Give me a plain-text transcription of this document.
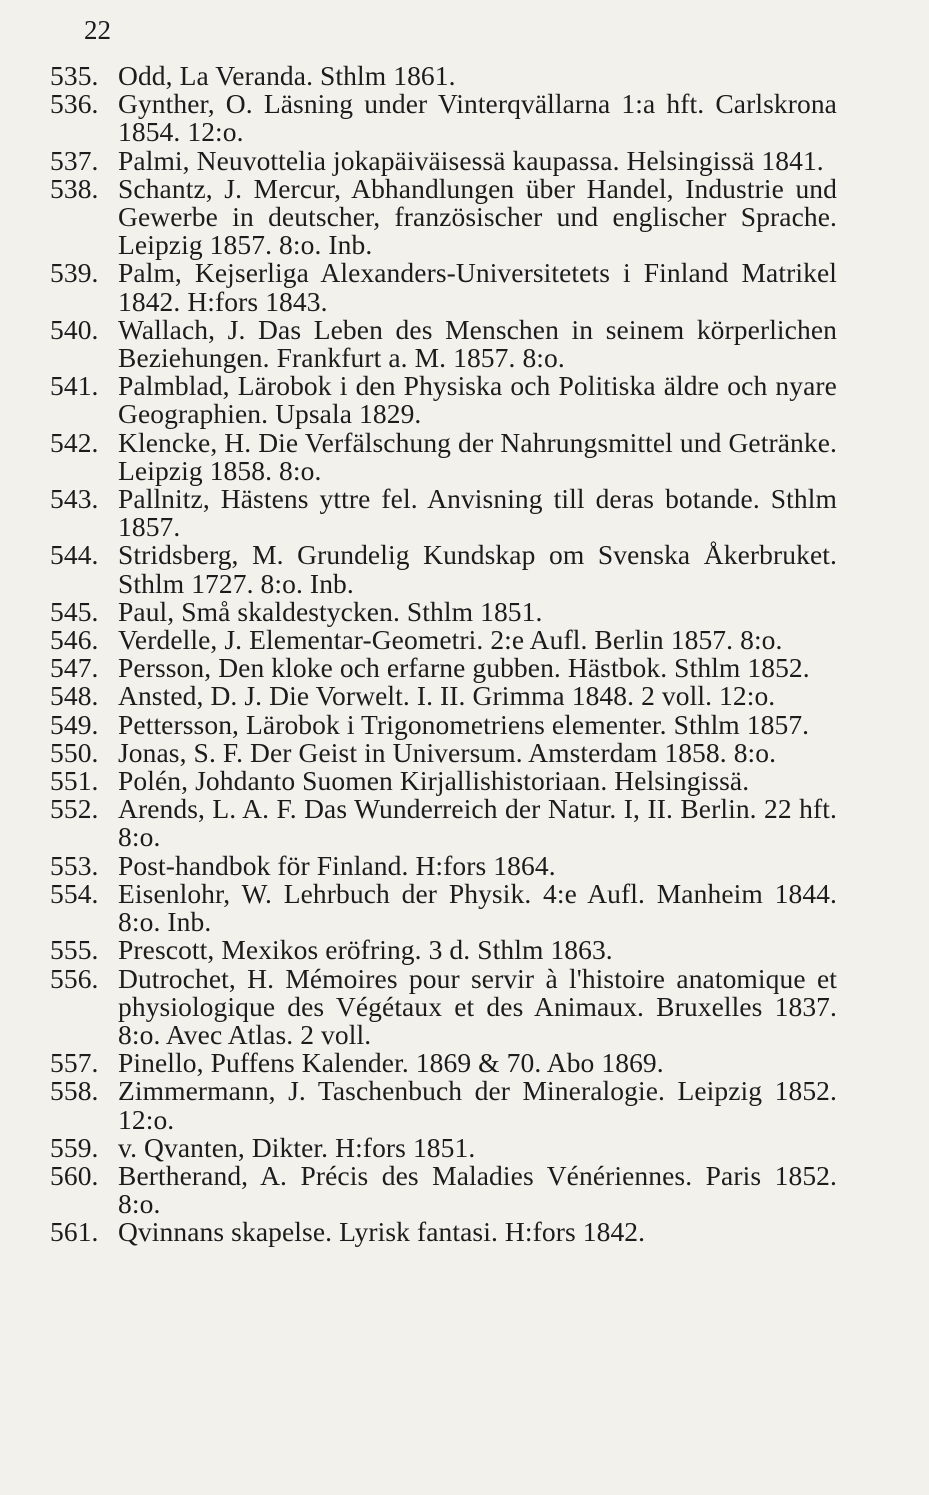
22
535. Odd, La Veranda. Sthlm 1861.
536. Gynther, O. Läsning under Vinterqvällarna 1:a hft. Carlskrona 1854. 12:o.
537. Palmi, Neuvottelia jokapäiväisessä kaupassa. Helsingissä 1841.
538. Schantz, J. Mercur, Abhandlungen über Handel, Industrie und Gewerbe in deutscher, französischer und englischer Sprache. Leipzig 1857. 8:o. Inb.
539. Palm, Kejserliga Alexanders-Universitetets i Finland Matrikel 1842. H:fors 1843.
540. Wallach, J. Das Leben des Menschen in seinem körperlichen Beziehungen. Frankfurt a. M. 1857. 8:o.
541. Palmblad, Lärobok i den Physiska och Politiska äldre och nyare Geographien. Upsala 1829.
542. Klencke, H. Die Verfälschung der Nahrungsmittel und Getränke. Leipzig 1858. 8:o.
543. Pallnitz, Hästens yttre fel. Anvisning till deras botande. Sthlm 1857.
544. Stridsberg, M. Grundelig Kundskap om Svenska Åkerbruket. Sthlm 1727. 8:o. Inb.
545. Paul, Små skaldestycken. Sthlm 1851.
546. Verdelle, J. Elementar-Geometri. 2:e Aufl. Berlin 1857. 8:o.
547. Persson, Den kloke och erfarne gubben. Hästbok. Sthlm 1852.
548. Ansted, D. J. Die Vorwelt. I. II. Grimma 1848. 2 voll. 12:o.
549. Pettersson, Lärobok i Trigonometriens elementer. Sthlm 1857.
550. Jonas, S. F. Der Geist in Universum. Amsterdam 1858. 8:o.
551. Polén, Johdanto Suomen Kirjallishistoriaan. Helsingissä.
552. Arends, L. A. F. Das Wunderreich der Natur. I, II. Berlin. 22 hft. 8:o.
553. Post-handbok för Finland. H:fors 1864.
554. Eisenlohr, W. Lehrbuch der Physik. 4:e Aufl. Manheim 1844. 8:o. Inb.
555. Prescott, Mexikos eröfring. 3 d. Sthlm 1863.
556. Dutrochet, H. Mémoires pour servir à l'histoire anatomique et physiologique des Végétaux et des Animaux. Bruxelles 1837. 8:o. Avec Atlas. 2 voll.
557. Pinello, Puffens Kalender. 1869 & 70. Abo 1869.
558. Zimmermann, J. Taschenbuch der Mineralogie. Leipzig 1852. 12:o.
559. v. Qvanten, Dikter. H:fors 1851.
560. Bertherand, A. Précis des Maladies Vénériennes. Paris 1852. 8:o.
561. Qvinnans skapelse. Lyrisk fantasi. H:fors 1842.
